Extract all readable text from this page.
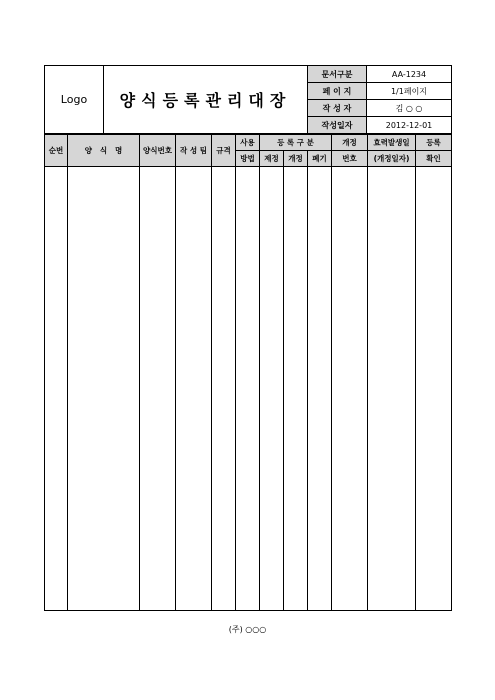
Logo	양식등록관리대장	문서구분	AA-1234
		페 이 지	1/1페이지
		작 성 자	김 ○ ○
		작성일자	2012-12-01
순번	양   식   명	양식번호	작 성 팀	규격	사용	등 록 구 분			개정	효력발생일	등록
					방법	제정	개정	폐기	번호	(개정일자)	확인

(주) ○○○
